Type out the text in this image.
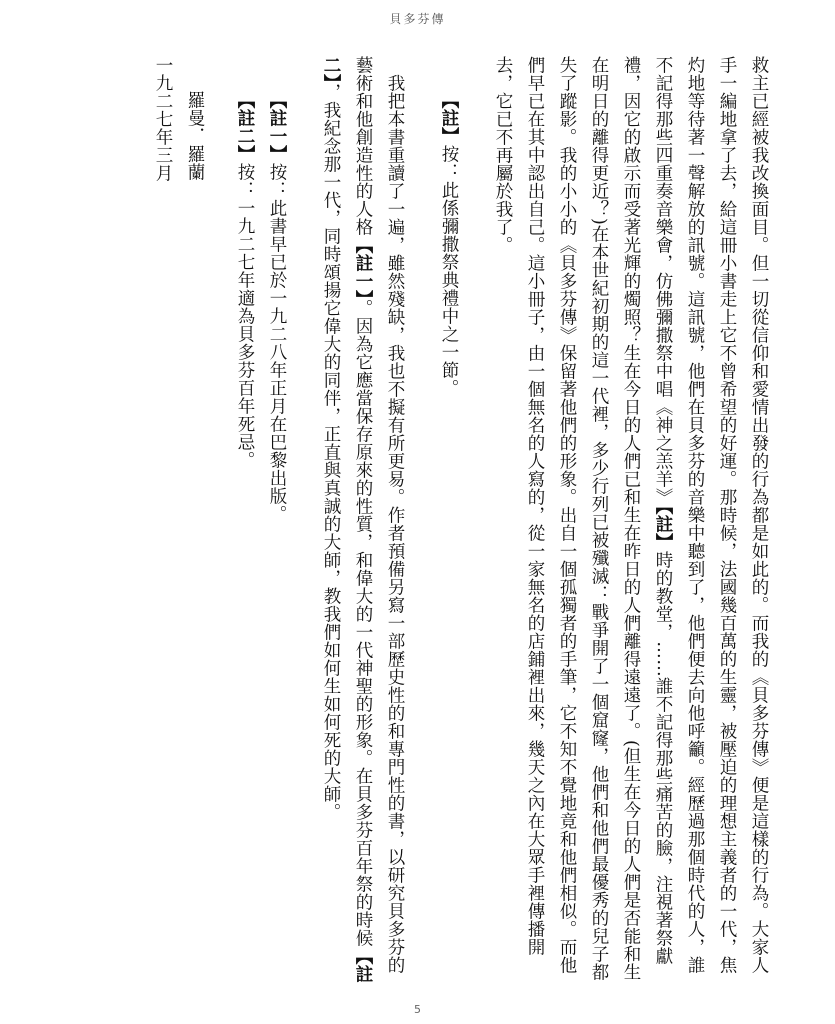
貝多芬傳

救主已經被我改換面目。但一切從信仰和愛情出發的行為都是如此的。而我的《貝多芬傳》便是這樣的行為。大家人手一編地拿了去，給這冊小書走上它不曾希望的好運。那時候，法國幾百萬的生靈，被壓迫的理想主義者的一代，焦灼地等待著一聲解放的訊號。這訊號，他們在貝多芬的音樂中聽到了，他們便去向他呼籲。經歷過那個時代的人，誰不記得那些四重奏音樂會，仿佛彌撒祭中唱《神之羔羊》【註】時的教堂，……誰不記得那些痛苦的臉，注視著祭獻禮，因它的啟示而受著光輝的燭照？生在今日的人們已和生在昨日的人們離得遠遠了。(但生在今日的人們是否能和生在明日的離得更近？)在本世紀初期的這一代裡，多少行列已被殲滅：戰爭開了一個窟窿，他們和他們最優秀的兒子都失了蹤影。我的小小的《貝多芬傳》保留著他們的形象。出自一個孤獨者的手筆，它不知不覺地竟和他們相似。而他們早已在其中認出自己。這小冊子，由一個無名的人寫的，從一家無名的店鋪裡出來，幾天之內在大眾手裡傳播開去，它已不再屬於我了。

【註】按：此係彌撒祭典禮中之一節。

我把本書重讀了一遍，雖然殘缺，我也不擬有所更易。作者預備另寫一部歷史性的和專門性的書，以研究貝多芬的藝術和他創造性的人格【註一】。因為它應當保存原來的性質，和偉大的一代神聖的形象。在貝多芬百年祭的時候【註二】，我紀念那一代，同時頌揚它偉大的同伴，正直與真誠的大師，教我們如何生如何死的大師。

【註一】按：此書早已於一九二八年正月在巴黎出版。

【註二】按：一九二七年適為貝多芬百年死忌。

羅曼．羅蘭

一九二七年三月

5
